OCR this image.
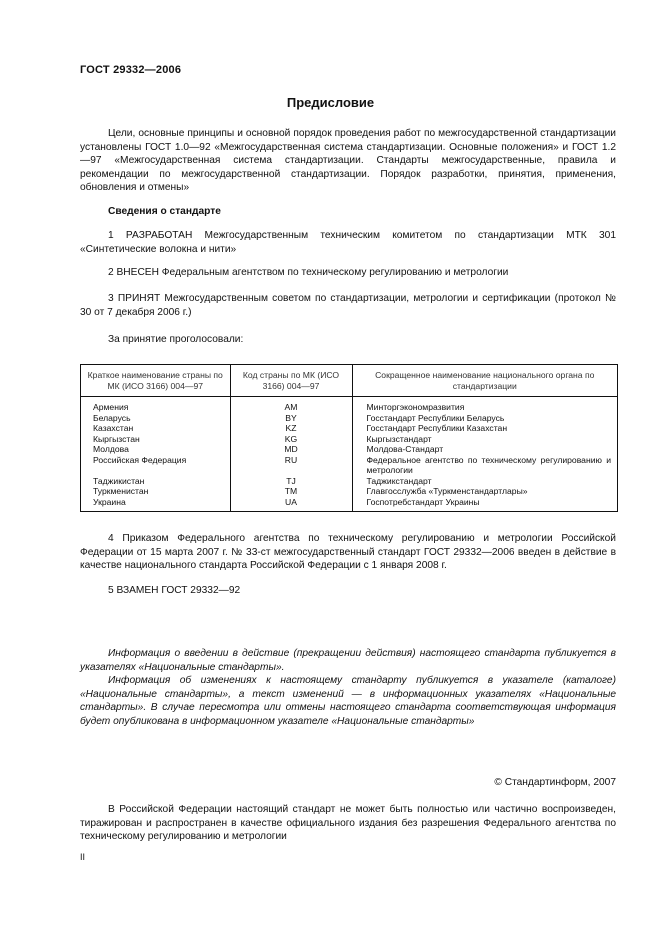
ГОСТ 29332—2006
Предисловие
Цели, основные принципы и основной порядок проведения работ по межгосударственной стандартизации установлены ГОСТ 1.0—92 «Межгосударственная система стандартизации. Основные положения» и ГОСТ 1.2—97 «Межгосударственная система стандартизации. Стандарты межгосударственные, правила и рекомендации по межгосударственной стандартизации. Порядок разработки, принятия, применения, обновления и отмены»
Сведения о стандарте
1 РАЗРАБОТАН Межгосударственным техническим комитетом по стандартизации МТК 301 «Синтетические волокна и нити»
2 ВНЕСЕН Федеральным агентством по техническому регулированию и метрологии
3 ПРИНЯТ Межгосударственным советом по стандартизации, метрологии и сертификации (протокол № 30 от 7 декабря 2006 г.)
За принятие проголосовали:
Краткое наименование страны по МК (ИСО 3166) 004—97	Код страны по МК (ИСО 3166) 004—97	Сокращенное наименование национального органа по стандартизации
Армения	AM	Минторгэкономразвития
Беларусь	BY	Госстандарт Республики Беларусь
Казахстан	KZ	Госстандарт Республики Казахстан
Кыргызстан	KG	Кыргызстандарт
Молдова	MD	Молдова-Стандарт
Российская Федерация	RU	Федеральное агентство по техническому регулированию и метрологии
Таджикистан	TJ	Таджикстандарт
Туркменистан	TM	Главгосслужба «Туркменстандартлары»
Украина	UA	Госпотребстандарт Украины
4 Приказом Федерального агентства по техническому регулированию и метрологии Российской Федерации от 15 марта 2007 г. № 33-ст межгосударственный стандарт ГОСТ 29332—2006 введен в действие в качестве национального стандарта Российской Федерации с 1 января 2008 г.
5 ВЗАМЕН ГОСТ 29332—92
Информация о введении в действие (прекращении действия) настоящего стандарта публикуется в указателях «Национальные стандарты».
Информация об изменениях к настоящему стандарту публикуется в указателе (каталоге) «Национальные стандарты», а текст изменений — в информационных указателях «Национальные стандарты». В случае пересмотра или отмены настоящего стандарта соответствующая информация будет опубликована в информационном указателе «Национальные стандарты»
© Стандартинформ, 2007
В Российской Федерации настоящий стандарт не может быть полностью или частично воспроизведен, тиражирован и распространен в качестве официального издания без разрешения Федерального агентства по техническому регулированию и метрологии
II
